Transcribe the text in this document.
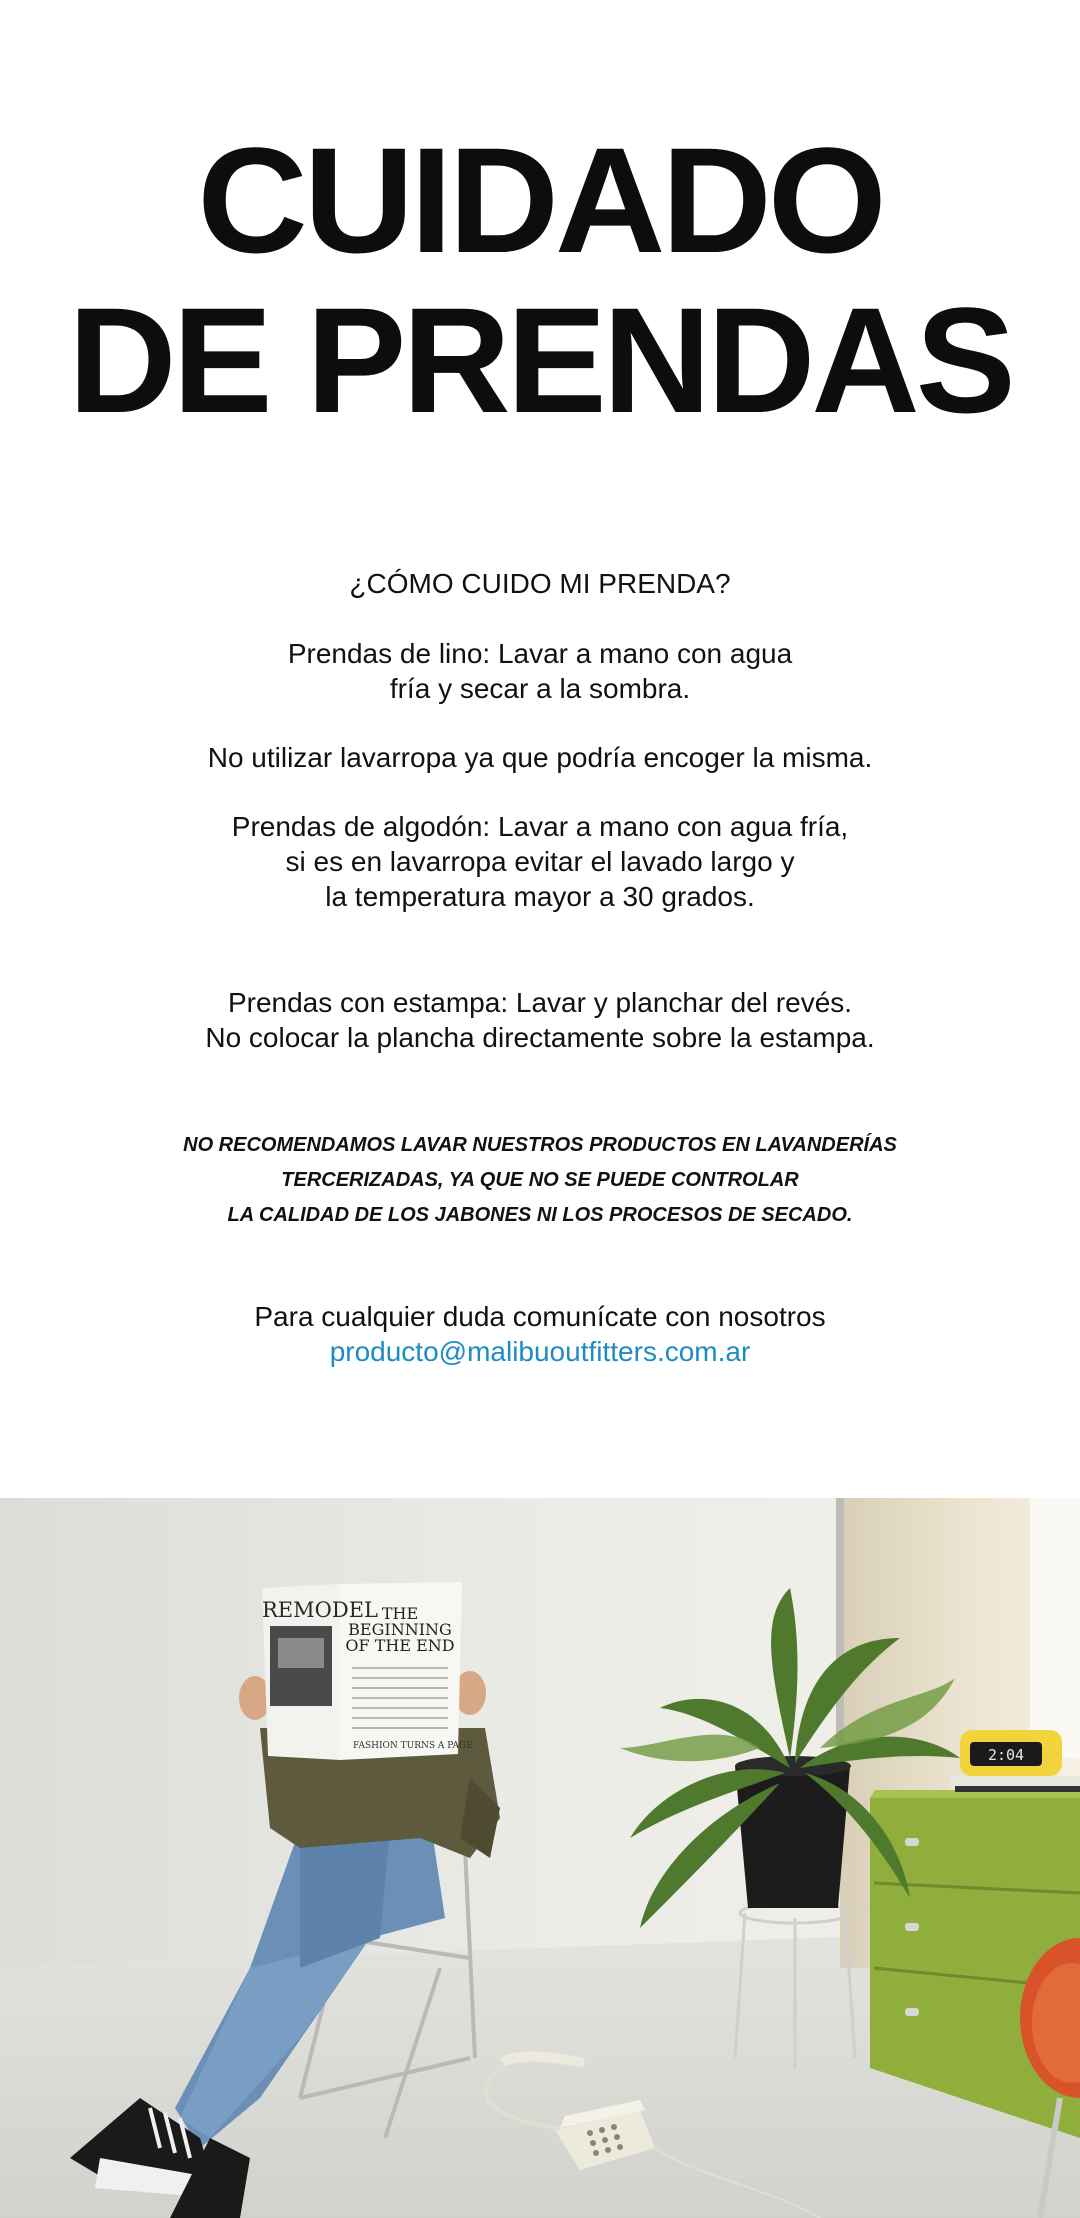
CUIDADO
DE PRENDAS
¿CÓMO CUIDO MI PRENDA?
Prendas de lino: Lavar a mano con agua
fría y secar a la sombra.
No utilizar lavarropa ya que podría encoger la misma.
Prendas de algodón: Lavar a mano con agua fría,
si es en lavarropa evitar el lavado largo y
la temperatura mayor a 30 grados.
Prendas con estampa: Lavar y planchar del revés.
No colocar la plancha directamente sobre la estampa.
NO RECOMENDAMOS LAVAR NUESTROS PRODUCTOS EN LAVANDERÍAS
TERCERIZADAS, YA QUE NO SE PUEDE CONTROLAR
LA CALIDAD DE LOS JABONES NI LOS PROCESOS DE SECADO.
Para cualquier duda comunícate con nosotros
producto@malibuoutfitters.com.ar
2:04
REMODEL THE
BEGINNING
OF THE END
FASHION TURNS A PAGE
